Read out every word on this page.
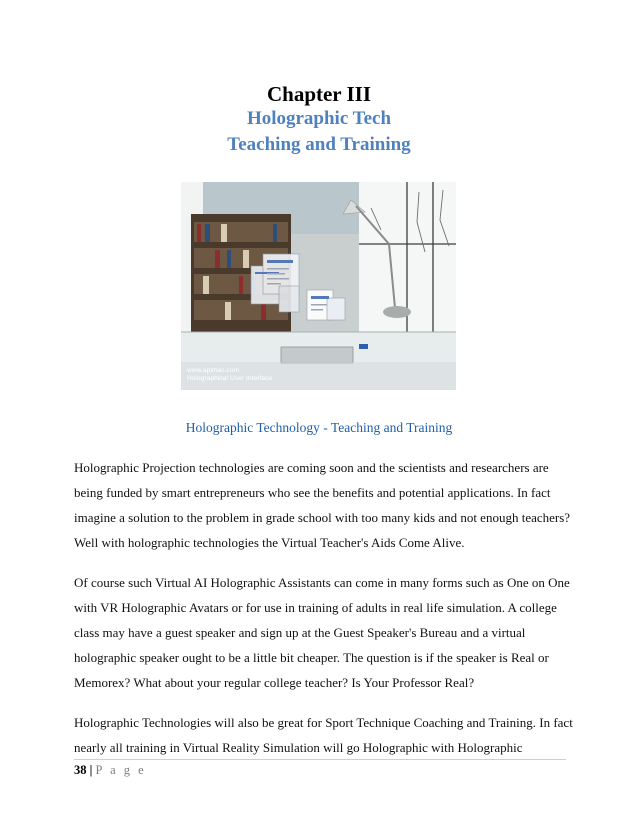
Chapter III
Holographic Tech
Teaching and Training
www.apimac.com
Holographical User Interface
Holographic Technology - Teaching and Training

Holographic Projection technologies are coming soon and the scientists and researchers are being funded by smart entrepreneurs who see the benefits and potential applications. In fact imagine a solution to the problem in grade school with too many kids and not enough teachers? Well with holographic technologies the Virtual Teacher's Aids Come Alive.

Of course such Virtual AI Holographic Assistants can come in many forms such as One on One with VR Holographic Avatars or for use in training of adults in real life simulation. A college class may have a guest speaker and sign up at the Guest Speaker's Bureau and a virtual holographic speaker ought to be a little bit cheaper. The question is if the speaker is Real or Memorex? What about your regular college teacher? Is Your Professor Real?

Holographic Technologies will also be great for Sport Technique Coaching and Training. In fact nearly all training in Virtual Reality Simulation will go Holographic with Holographic

38 | P a g e
